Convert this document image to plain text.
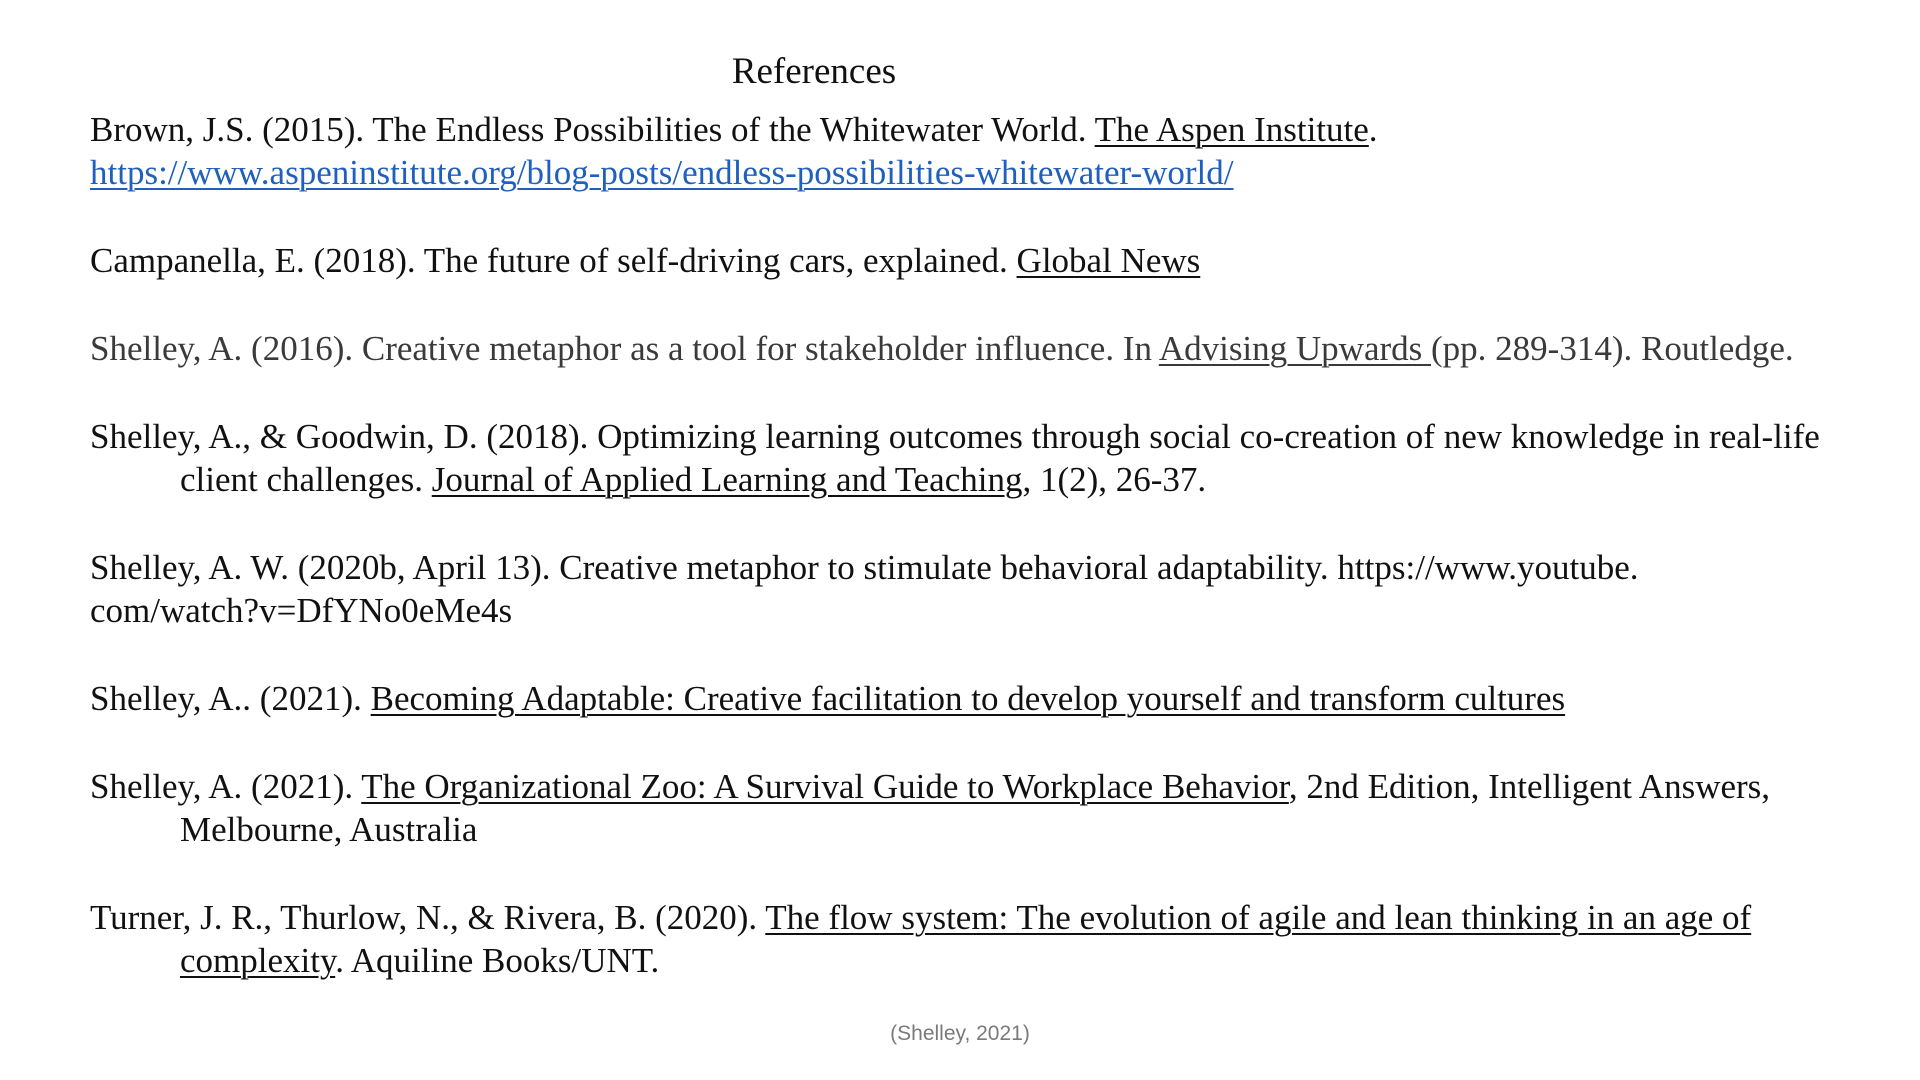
References

Brown, J.S. (2015). The Endless Possibilities of the Whitewater World. The Aspen Institute.
https://www.aspeninstitute.org/blog-posts/endless-possibilities-whitewater-world/

Campanella, E. (2018). The future of self-driving cars, explained. Global News

Shelley, A. (2016). Creative metaphor as a tool for stakeholder influence. In Advising Upwards (pp. 289-314). Routledge.

Shelley, A., & Goodwin, D. (2018). Optimizing learning outcomes through social co-creation of new knowledge in real-life client challenges. Journal of Applied Learning and Teaching, 1(2), 26-37.

Shelley, A. W. (2020b, April 13). Creative metaphor to stimulate behavioral adaptability. https://www.youtube.
com/watch?v=DfYNo0eMe4s

Shelley, A.. (2021). Becoming Adaptable: Creative facilitation to develop yourself and transform cultures

Shelley, A. (2021). The Organizational Zoo: A Survival Guide to Workplace Behavior, 2nd Edition, Intelligent Answers, Melbourne, Australia

Turner, J. R., Thurlow, N., & Rivera, B. (2020). The flow system: The evolution of agile and lean thinking in an age of complexity. Aquiline Books/UNT.

(Shelley, 2021)
